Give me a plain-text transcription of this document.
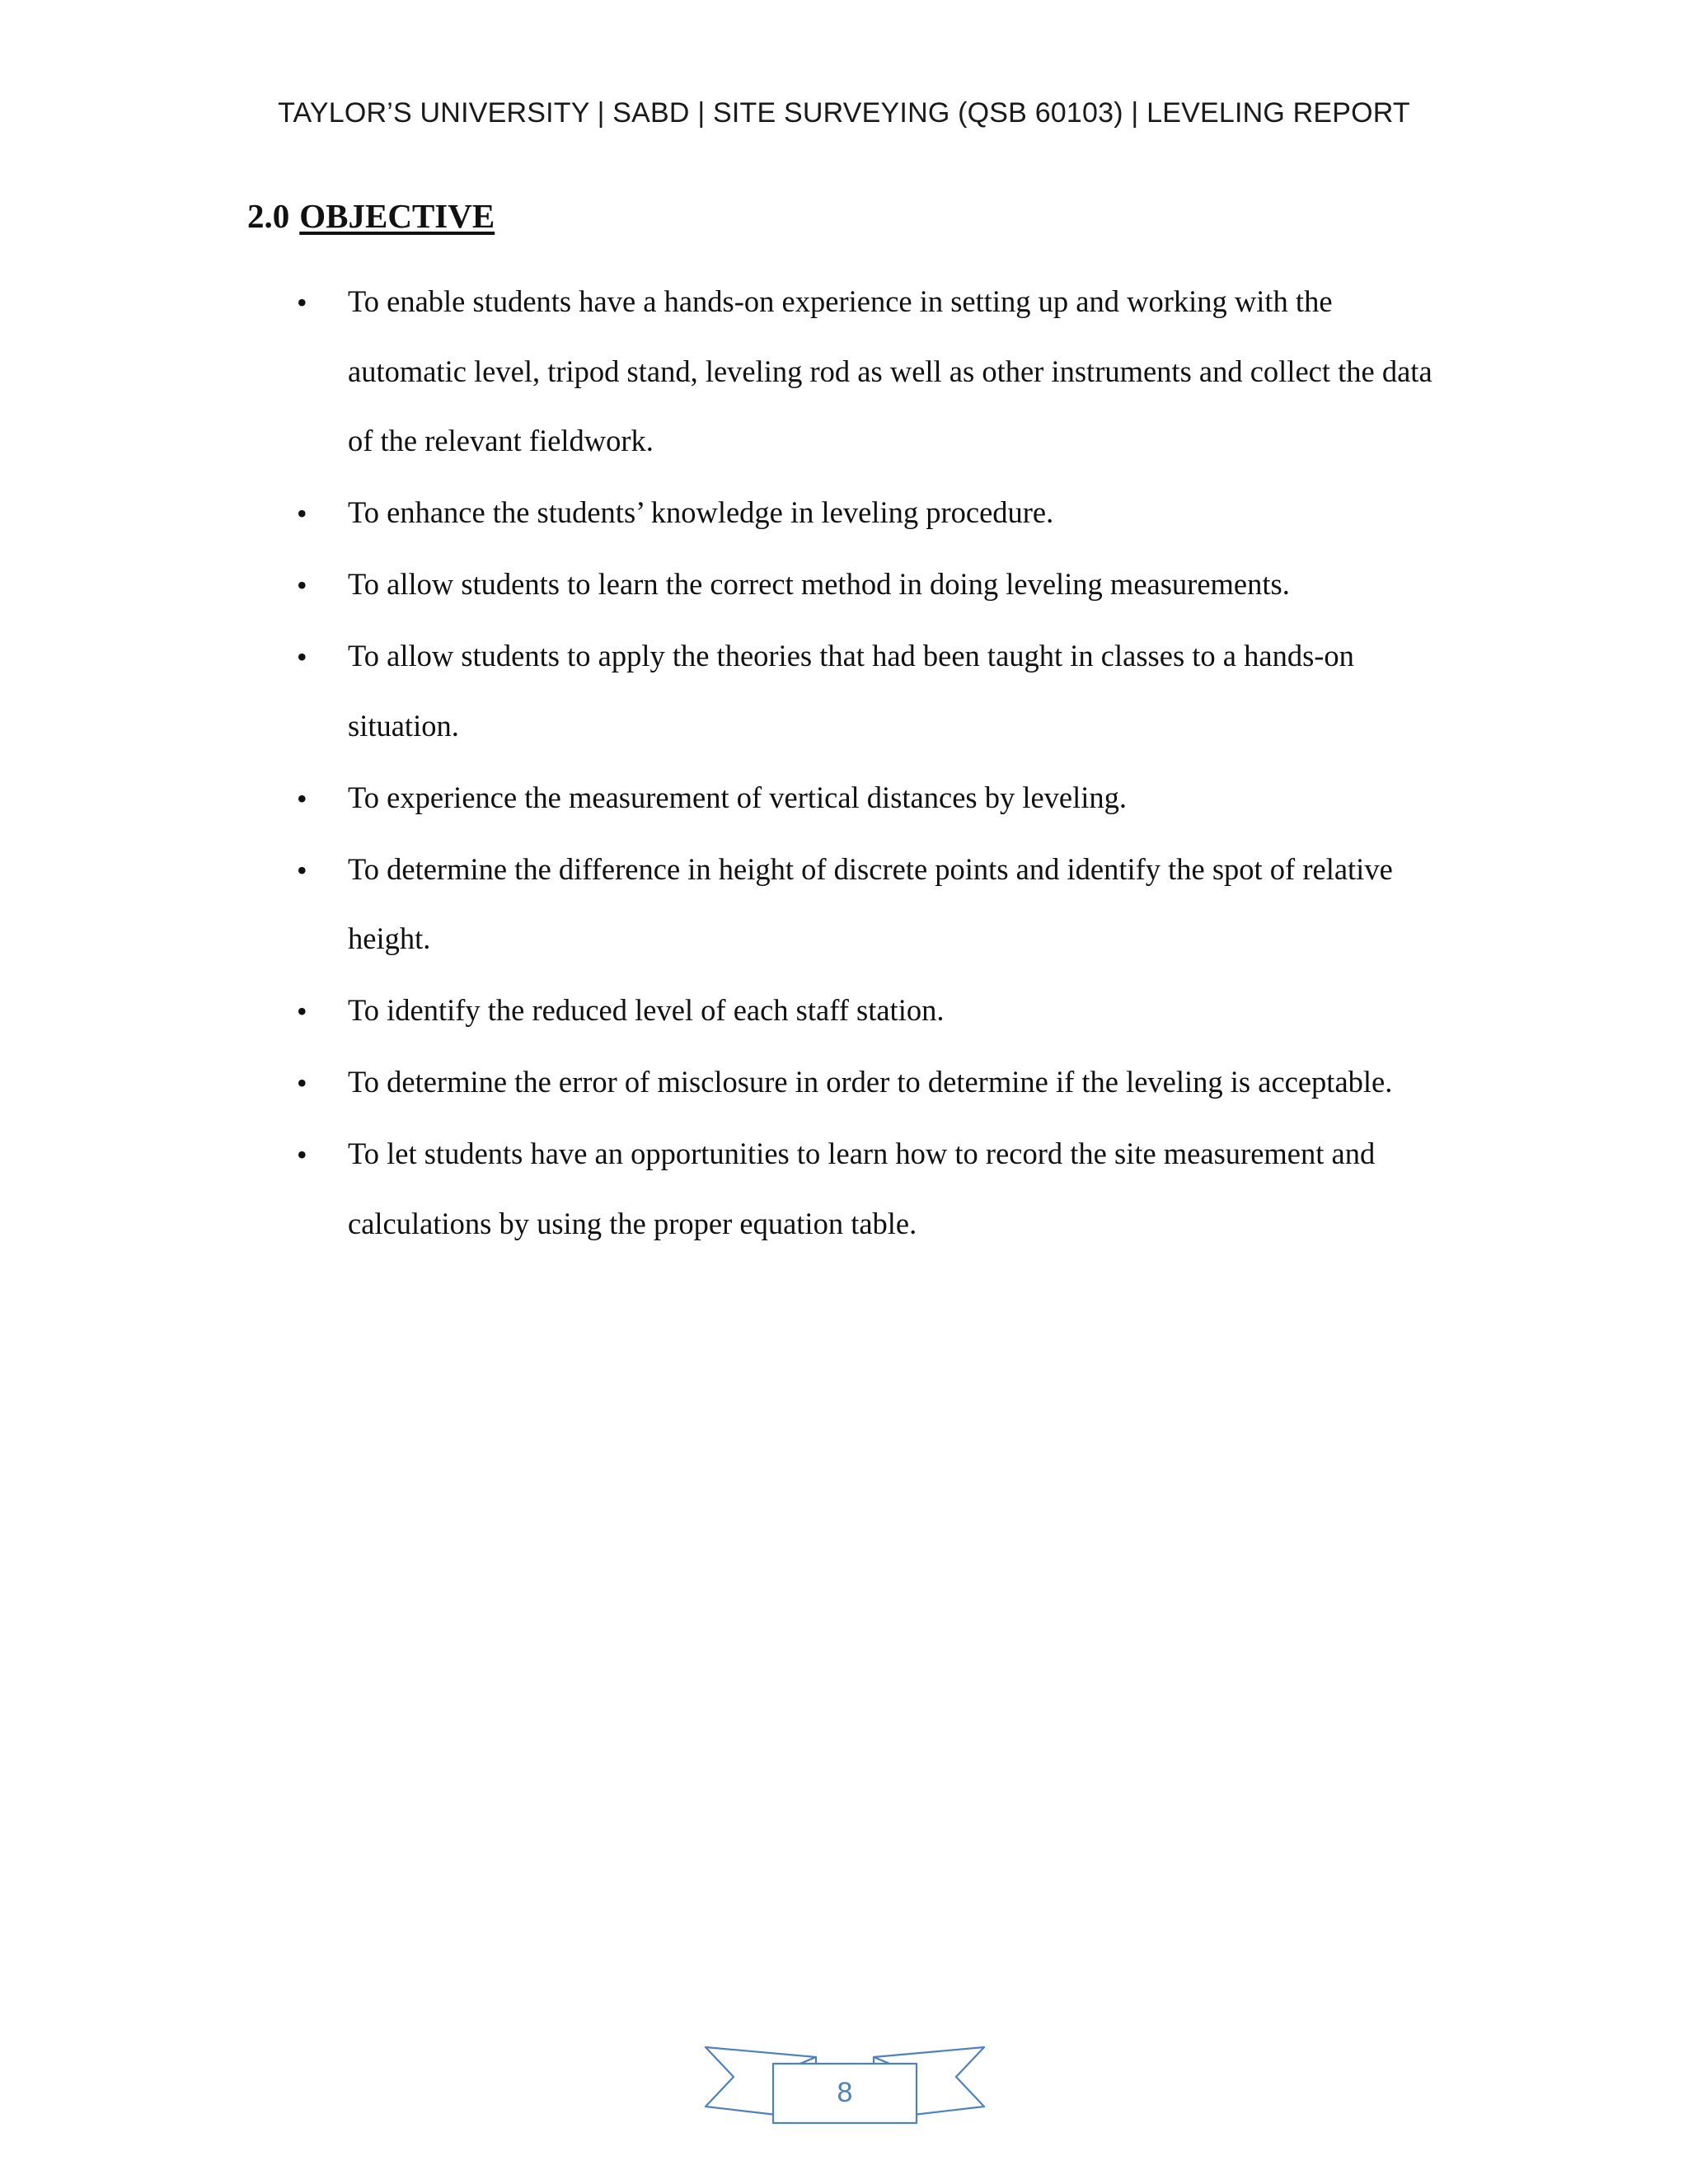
TAYLOR’S UNIVERSITY | SABD | SITE SURVEYING (QSB 60103) | LEVELING REPORT
2.0 OBJECTIVE
• To enable students have a hands-on experience in setting up and working with the automatic level, tripod stand, leveling rod as well as other instruments and collect the data of the relevant fieldwork.
• To enhance the students’ knowledge in leveling procedure.
• To allow students to learn the correct method in doing leveling measurements.
• To allow students to apply the theories that had been taught in classes to a hands-on situation.
• To experience the measurement of vertical distances by leveling.
• To determine the difference in height of discrete points and identify the spot of relative height.
• To identify the reduced level of each staff station.
• To determine the error of misclosure in order to determine if the leveling is acceptable.
• To let students have an opportunities to learn how to record the site measurement and calculations by using the proper equation table.
8
